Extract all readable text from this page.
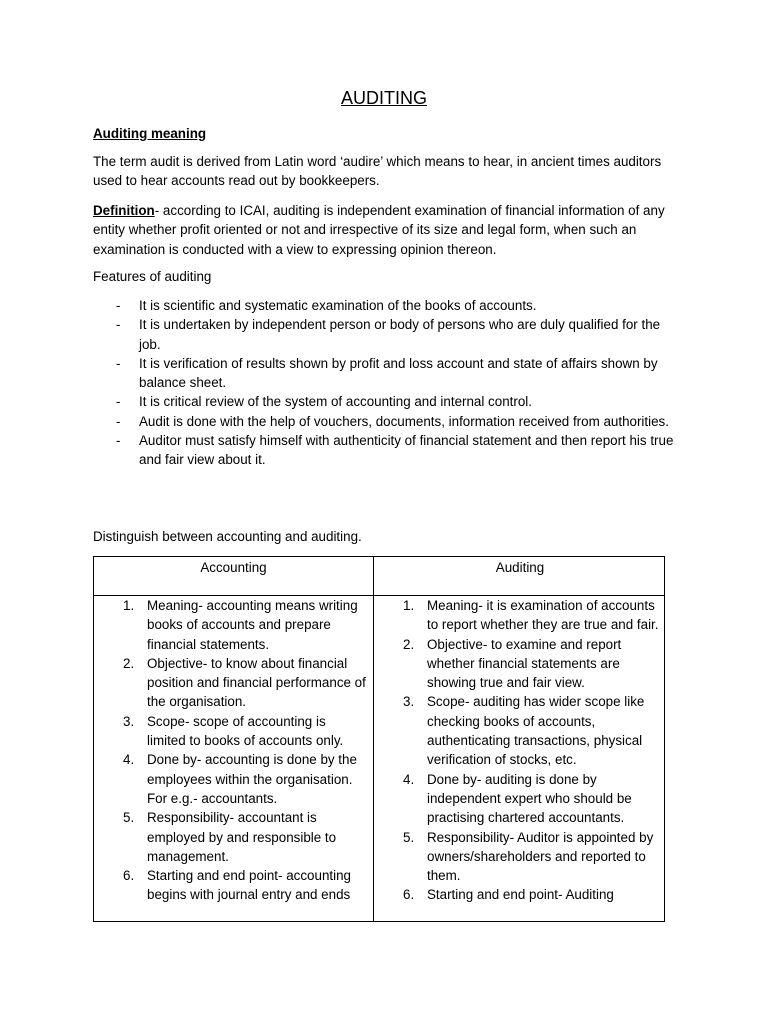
AUDITING
Auditing meaning
The term audit is derived from Latin word ‘audire’ which means to hear, in ancient times auditors used to hear accounts read out by bookkeepers.
Definition- according to ICAI, auditing is independent examination of financial information of any entity whether profit oriented or not and irrespective of its size and legal form, when such an examination is conducted with a view to expressing opinion thereon.
Features of auditing
- It is scientific and systematic examination of the books of accounts.
- It is undertaken by independent person or body of persons who are duly qualified for the job.
- It is verification of results shown by profit and loss account and state of affairs shown by balance sheet.
- It is critical review of the system of accounting and internal control.
- Audit is done with the help of vouchers, documents, information received from authorities.
- Auditor must satisfy himself with authenticity of financial statement and then report his true and fair view about it.
Distinguish between accounting and auditing.
Accounting	Auditing
1. Meaning- accounting means writing books of accounts and prepare financial statements.
2. Objective- to know about financial position and financial performance of the organisation.
3. Scope- scope of accounting is limited to books of accounts only.
4. Done by- accounting is done by the employees within the organisation. For e.g.- accountants.
5. Responsibility- accountant is employed by and responsible to management.
6. Starting and end point- accounting begins with journal entry and ends
1. Meaning- it is examination of accounts to report whether they are true and fair.
2. Objective- to examine and report whether financial statements are showing true and fair view.
3. Scope- auditing has wider scope like checking books of accounts, authenticating transactions, physical verification of stocks, etc.
4. Done by- auditing is done by independent expert who should be practising chartered accountants.
5. Responsibility- Auditor is appointed by owners/shareholders and reported to them.
6. Starting and end point- Auditing
